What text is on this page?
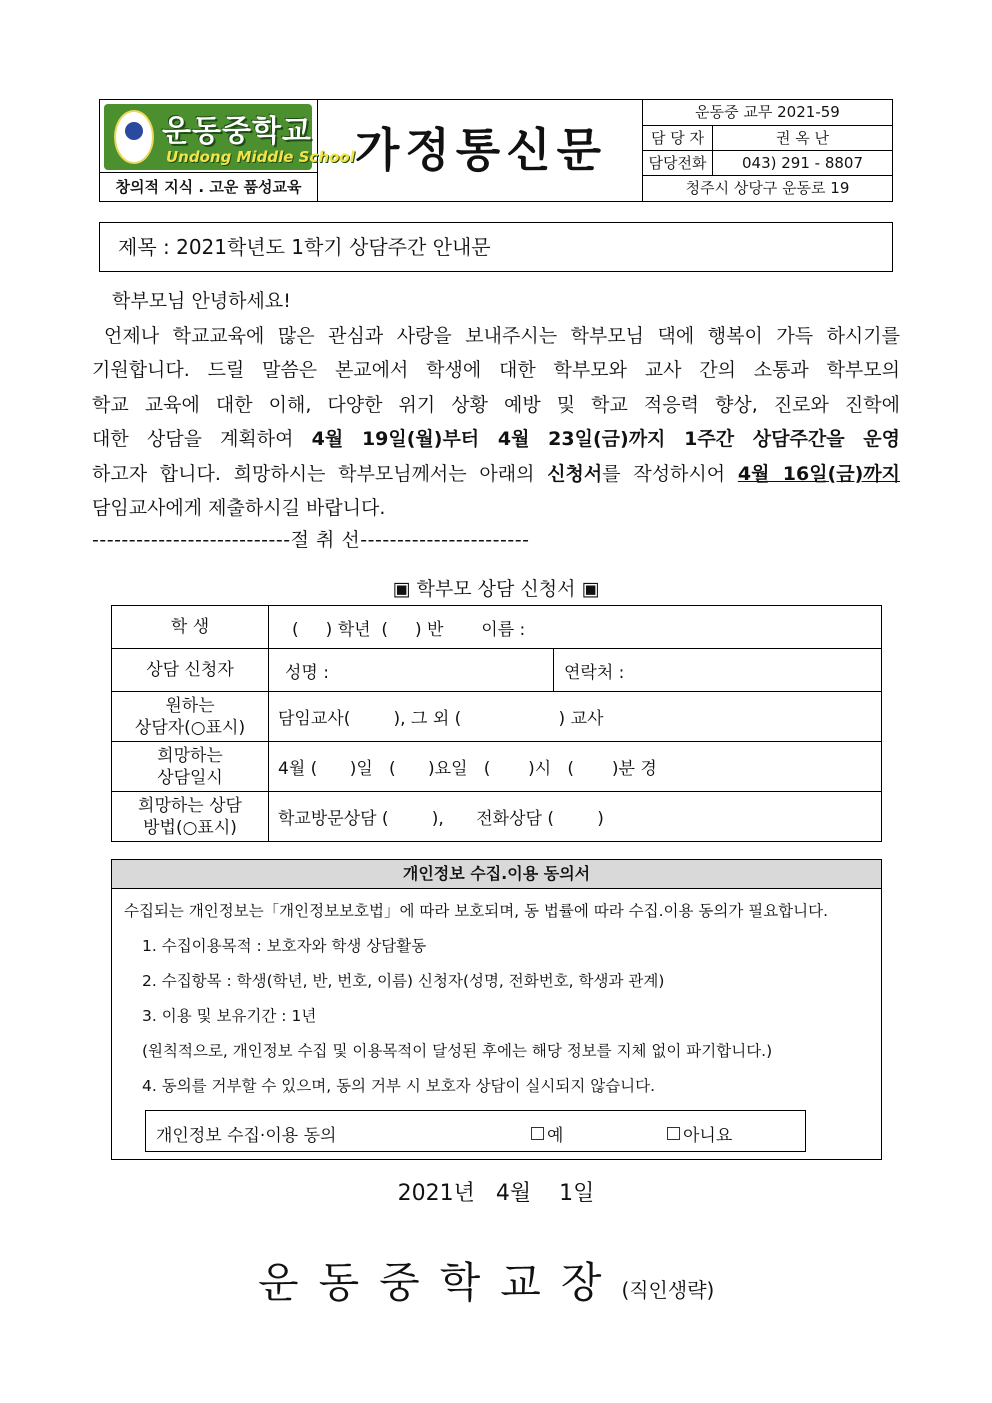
운동중학교
Undong Middle School
창의적 지식 . 고운 품성교육
가정통신문
운동중 교무 2021-59
담 당 자	권 옥 난
담당전화	043) 291 - 8807
청주시 상당구 운동로 19
제목 : 2021학년도 1학기 상담주간 안내문

학부모님 안녕하세요!

언제나 학교교육에 많은 관심과 사랑을 보내주시는 학부모님 댁에 행복이 가득 하시기를

기원합니다. 드릴 말씀은 본교에서 학생에 대한 학부모와 교사 간의 소통과 학부모의

학교 교육에 대한 이해, 다양한 위기 상황 예방 및 학교 적응력 향상, 진로와 진학에

대한 상담을 계획하여 4월 19일(월)부터 4월 23일(금)까지 1주간 상담주간을 운영

하고자 합니다. 희망하시는 학부모님께서는 아래의 신청서를 작성하시어 4월 16일(금)까지

담임교사에게 제출하시길 바랍니다.

---------------------------절 취 선-----------------------
▣ 학부모 상담 신청서 ▣
학 생	(     ) 학년  (     ) 반       이름 :
상담 신청자	성명 :	연락처 :
원하는
상담자(○표시)	담임교사(        ), 그 외 (                  ) 교사
희망하는
상담일시	4월 (      )일   (      )요일   (       )시   (       )분 경
희망하는 상담
방법(○표시)	학교방문상담 (        ),      전화상담 (        )
개인정보 수집.이용 동의서
수집되는 개인정보는「개인정보보호법」에 따라 보호되며, 동 법률에 따라 수집.이용 동의가 필요합니다.
1. 수집이용목적 : 보호자와 학생 상담활동
2. 수집항목 : 학생(학년, 반, 번호, 이름) 신청자(성명, 전화번호, 학생과 관계)
3. 이용 및 보유기간 : 1년
(원칙적으로, 개인정보 수집 및 이용목적이 달성된 후에는 해당 정보를 지체 없이 파기합니다.)
4. 동의를 거부할 수 있으며, 동의 거부 시 보호자 상담이 실시되지 않습니다.
개인정보 수집·이용 동의	예	아니요
2021년   4월    1일
운동중학교장(직인생략)
